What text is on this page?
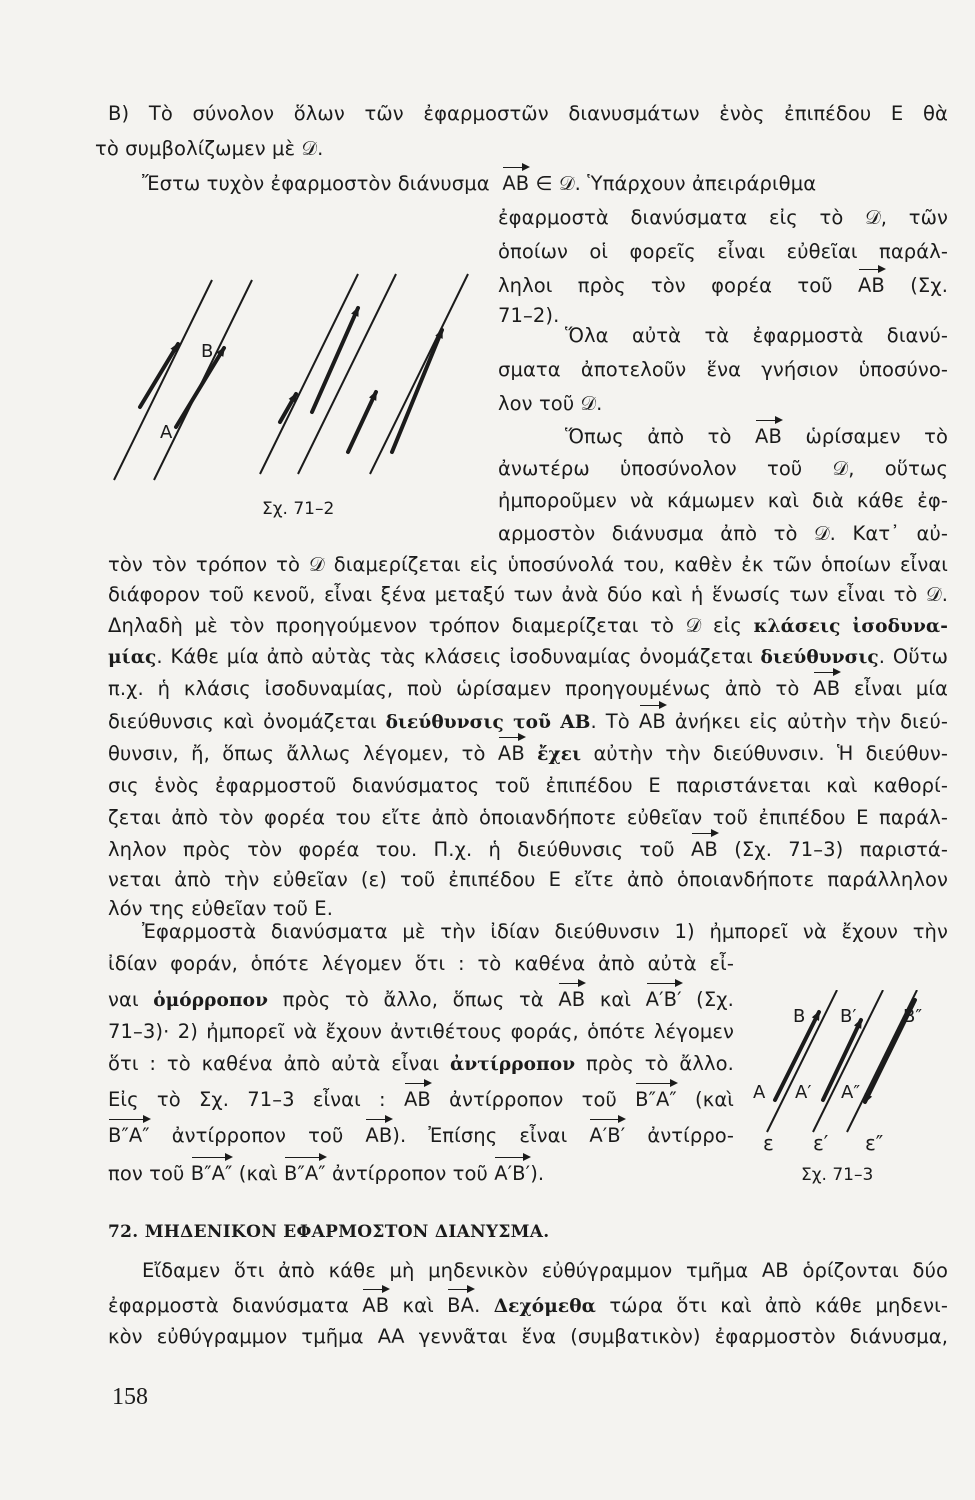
Β) Τὸ σύνολον ὅλων τῶν ἐφαρμοστῶν διανυσμάτων ἑνὸς ἐπιπέδου Ε θὰ
τὸ συμβολίζωμεν μὲ 𝒟.
Ἔστω τυχὸν ἐφαρμοστὸν διάνυσμα ΑΒ ∈ 𝒟. Ὑπάρχουν ἀπειράριθμα
ἐφαρμοστὰ διανύσματα εἰς τὸ 𝒟, τῶν
ὁποίων οἱ φορεῖς εἶναι εὐθεῖαι παράλ-
ληλοι πρὸς τὸν φορέα τοῦ ΑΒ (Σχ.
71–2).
Ὅλα αὐτὰ τὰ ἐφαρμοστὰ διανύ-
σματα ἀποτελοῦν ἕνα γνήσιον ὑποσύνο-
λον τοῦ 𝒟.
Ὅπως ἀπὸ τὸ ΑΒ ὡρίσαμεν τὸ
ἀνωτέρω ὑποσύνολον τοῦ 𝒟, οὕτως
ἠμποροῦμεν νὰ κάμωμεν καὶ διὰ κάθε ἐφ-
αρμοστὸν διάνυσμα ἀπὸ τὸ 𝒟. Κατ᾽ αὐ-
τὸν τὸν τρόπον τὸ 𝒟 διαμερίζεται εἰς ὑποσύνολά του, καθὲν ἐκ τῶν ὁποίων εἶναι
διάφορον τοῦ κενοῦ, εἶναι ξένα μεταξύ των ἀνὰ δύο καὶ ἡ ἕνωσίς των εἶναι τὸ 𝒟.
Δηλαδὴ μὲ τὸν προηγούμενον τρόπον διαμερίζεται τὸ 𝒟 εἰς κλάσεις ἰσοδυνα-
μίας. Κάθε μία ἀπὸ αὐτὰς τὰς κλάσεις ἰσοδυναμίας ὀνομάζεται διεύθυνσις. Οὕτω
π.χ. ἡ κλάσις ἰσοδυναμίας, ποὺ ὡρίσαμεν προηγουμένως ἀπὸ τὸ ΑΒ εἶναι μία
διεύθυνσις καὶ ὀνομάζεται διεύθυνσις τοῦ ΑΒ. Τὸ ΑΒ ἀνήκει εἰς αὐτὴν τὴν διεύ-
θυνσιν, ἤ, ὅπως ἄλλως λέγομεν, τὸ ΑΒ ἔχει αὐτὴν τὴν διεύθυνσιν. Ἡ διεύθυν-
σις ἑνὸς ἐφαρμοστοῦ διανύσματος τοῦ ἐπιπέδου Ε παριστάνεται καὶ καθορί-
ζεται ἀπὸ τὸν φορέα του εἴτε ἀπὸ ὁποιανδήποτε εὐθεῖαν τοῦ ἐπιπέδου Ε παράλ-
ληλον πρὸς τὸν φορέα του. Π.χ. ἡ διεύθυνσις τοῦ ΑΒ (Σχ. 71–3) παριστά-
νεται ἀπὸ τὴν εὐθεῖαν (ε) τοῦ ἐπιπέδου Ε εἴτε ἀπὸ ὁποιανδήποτε παράλληλον
λόν της εὐθεῖαν τοῦ Ε.
Ἐφαρμοστὰ διανύσματα μὲ τὴν ἰδίαν διεύθυνσιν 1) ἠμπορεῖ νὰ ἔχουν τὴν
ἰδίαν φοράν, ὁπότε λέγομεν ὅτι : τὸ καθένα ἀπὸ αὐτὰ εἶ-
ναι ὁμόρροπον πρὸς τὸ ἄλλο, ὅπως τὰ ΑΒ καὶ Α′Β′ (Σχ.
71–3)· 2) ἠμπορεῖ νὰ ἔχουν ἀντιθέτους φοράς, ὁπότε λέγομεν
ὅτι : τὸ καθένα ἀπὸ αὐτὰ εἶναι ἀντίρροπον πρὸς τὸ ἄλλο.
Εἰς τὸ Σχ. 71–3 εἶναι : ΑΒ ἀντίρροπον τοῦ Β″Α″ (καὶ
Β″Α″ ἀντίρροπον τοῦ ΑΒ). Ἐπίσης εἶναι Α′Β′ ἀντίρρο-
πον τοῦ Β″Α″ (καὶ Β″Α″ ἀντίρροπον τοῦ Α′Β′).
72. ΜΗΔΕΝΙΚΟΝ ΕΦΑΡΜΟΣΤΟΝ ΔΙΑΝΥΣΜΑ.
Εἴδαμεν ὅτι ἀπὸ κάθε μὴ μηδενικὸν εὐθύγραμμον τμῆμα ΑΒ ὁρίζονται δύο
ἐφαρμοστὰ διανύσματα ΑΒ καὶ ΒΑ. Δεχόμεθα τώρα ὅτι καὶ ἀπὸ κάθε μηδενι-
κὸν εὐθύγραμμον τμῆμα ΑΑ γεννᾶται ἕνα (συμβατικὸν) ἐφαρμοστὸν διάνυσμα,
158
B
A
Σχ. 71–2
Β Β′	Β″
Α Α′ Α″
ε ε′ ε″
Σχ. 71–3
